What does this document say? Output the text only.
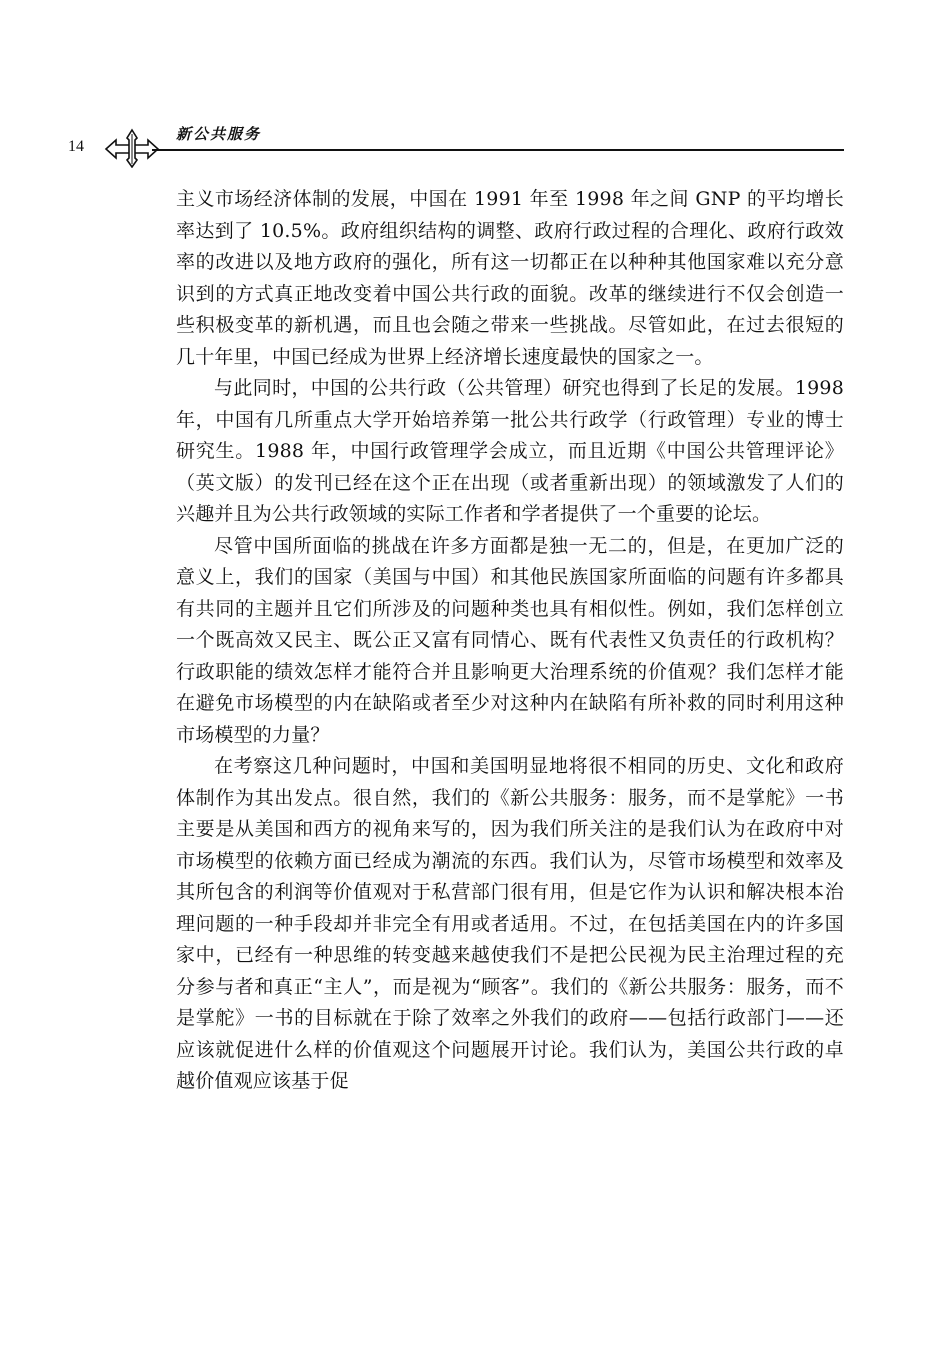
14
新公共服务

主义市场经济体制的发展，中国在 1991 年至 1998 年之间 GNP 的平均增长率达到了 10.5%。政府组织结构的调整、政府行政过程的合理化、政府行政效率的改进以及地方政府的强化，所有这一切都正在以种种其他国家难以充分意识到的方式真正地改变着中国公共行政的面貌。改革的继续进行不仅会创造一些积极变革的新机遇，而且也会随之带来一些挑战。尽管如此，在过去很短的几十年里，中国已经成为世界上经济增长速度最快的国家之一。

与此同时，中国的公共行政（公共管理）研究也得到了长足的发展。1998 年，中国有几所重点大学开始培养第一批公共行政学（行政管理）专业的博士研究生。1988 年，中国行政管理学会成立，而且近期《中国公共管理评论》（英文版）的发刊已经在这个正在出现（或者重新出现）的领域激发了人们的兴趣并且为公共行政领域的实际工作者和学者提供了一个重要的论坛。

尽管中国所面临的挑战在许多方面都是独一无二的，但是，在更加广泛的意义上，我们的国家（美国与中国）和其他民族国家所面临的问题有许多都具有共同的主题并且它们所涉及的问题种类也具有相似性。例如，我们怎样创立一个既高效又民主、既公正又富有同情心、既有代表性又负责任的行政机构？行政职能的绩效怎样才能符合并且影响更大治理系统的价值观？我们怎样才能在避免市场模型的内在缺陷或者至少对这种内在缺陷有所补救的同时利用这种市场模型的力量？

在考察这几种问题时，中国和美国明显地将很不相同的历史、文化和政府体制作为其出发点。很自然，我们的《新公共服务：服务，而不是掌舵》一书主要是从美国和西方的视角来写的，因为我们所关注的是我们认为在政府中对市场模型的依赖方面已经成为潮流的东西。我们认为，尽管市场模型和效率及其所包含的利润等价值观对于私营部门很有用，但是它作为认识和解决根本治理问题的一种手段却并非完全有用或者适用。不过，在包括美国在内的许多国家中，已经有一种思维的转变越来越使我们不是把公民视为民主治理过程的充分参与者和真正“主人”，而是视为“顾客”。我们的《新公共服务：服务，而不是掌舵》一书的目标就在于除了效率之外我们的政府——包括行政部门——还应该就促进什么样的价值观这个问题展开讨论。我们认为，美国公共行政的卓越价值观应该基于促
